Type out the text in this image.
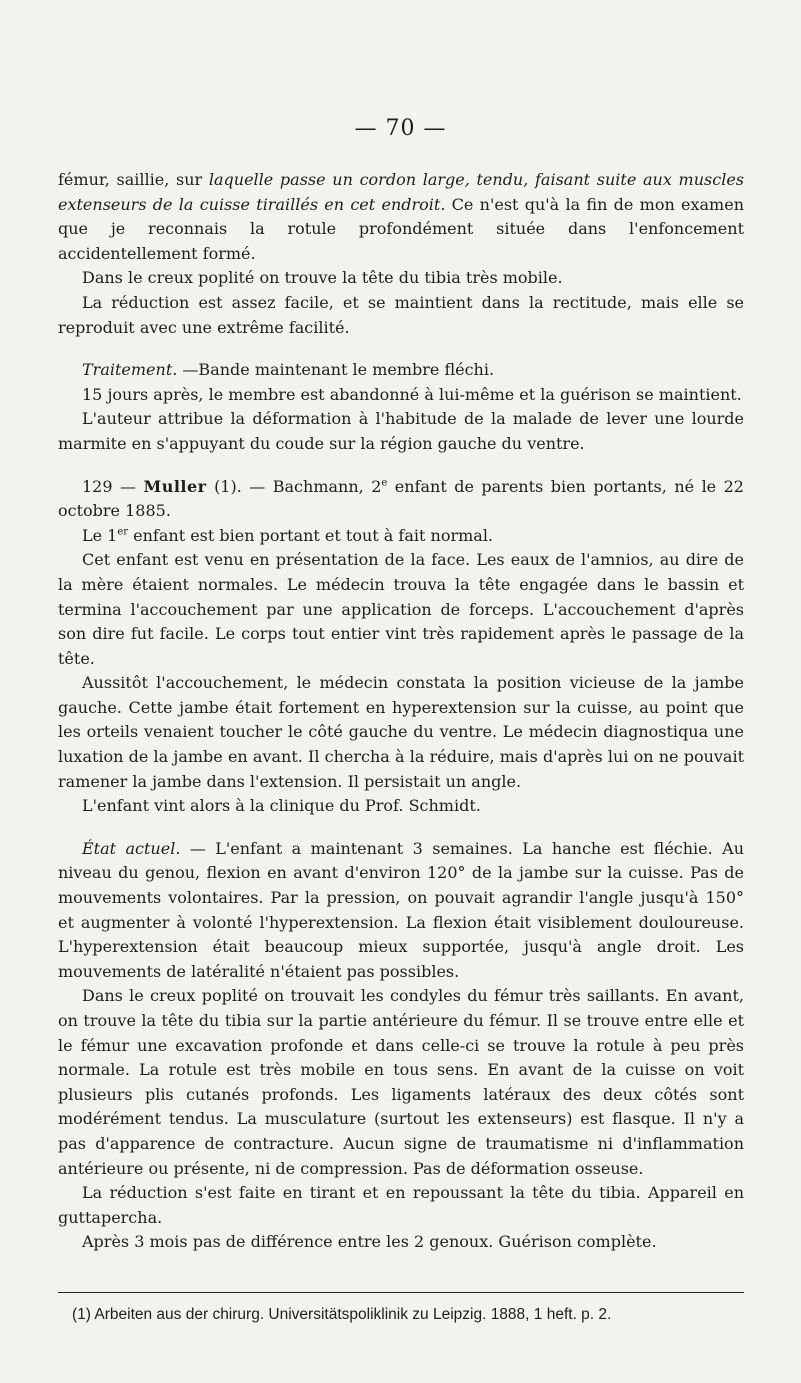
— 70 —

fémur, saillie, sur laquelle passe un cordon large, tendu, faisant suite aux muscles extenseurs de la cuisse tiraillés en cet endroit. Ce n'est qu'à la fin de mon examen que je reconnais la rotule profondément située dans l'enfoncement accidentellement formé.

Dans le creux poplité on trouve la tête du tibia très mobile.

La réduction est assez facile, et se maintient dans la rectitude, mais elle se reproduit avec une extrême facilité.

Traitement. —Bande maintenant le membre fléchi.

15 jours après, le membre est abandonné à lui-même et la guérison se maintient.

L'auteur attribue la déformation à l'habitude de la malade de lever une lourde marmite en s'appuyant du coude sur la région gauche du ventre.

129 — Muller (1). — Bachmann, 2e enfant de parents bien portants, né le 22 octobre 1885.

Le 1er enfant est bien portant et tout à fait normal.

Cet enfant est venu en présentation de la face. Les eaux de l'amnios, au dire de la mère étaient normales. Le médecin trouva la tête engagée dans le bassin et termina l'accouchement par une application de forceps. L'accouchement d'après son dire fut facile. Le corps tout entier vint très rapidement après le passage de la tête.

Aussitôt l'accouchement, le médecin constata la position vicieuse de la jambe gauche. Cette jambe était fortement en hyperextension sur la cuisse, au point que les orteils venaient toucher le côté gauche du ventre. Le médecin diagnostiqua une luxation de la jambe en avant. Il chercha à la réduire, mais d'après lui on ne pouvait ramener la jambe dans l'extension. Il persistait un angle.

L'enfant vint alors à la clinique du Prof. Schmidt.

État actuel. — L'enfant a maintenant 3 semaines. La hanche est fléchie. Au niveau du genou, flexion en avant d'environ 120° de la jambe sur la cuisse. Pas de mouvements volontaires. Par la pression, on pouvait agrandir l'angle jusqu'à 150° et augmenter à volonté l'hyperextension. La flexion était visiblement douloureuse. L'hyperextension était beaucoup mieux supportée, jusqu'à angle droit. Les mouvements de latéralité n'étaient pas possibles.

Dans le creux poplité on trouvait les condyles du fémur très saillants. En avant, on trouve la tête du tibia sur la partie antérieure du fémur. Il se trouve entre elle et le fémur une excavation profonde et dans celle-ci se trouve la rotule à peu près normale. La rotule est très mobile en tous sens. En avant de la cuisse on voit plusieurs plis cutanés profonds. Les ligaments latéraux des deux côtés sont modérément tendus. La musculature (surtout les extenseurs) est flasque. Il n'y a pas d'apparence de contracture. Aucun signe de traumatisme ni d'inflammation antérieure ou présente, ni de compression. Pas de déformation osseuse.

La réduction s'est faite en tirant et en repoussant la tête du tibia. Appareil en guttapercha.

Après 3 mois pas de différence entre les 2 genoux. Guérison complète.

(1) Arbeiten aus der chirurg. Universitätspoliklinik zu Leipzig. 1888, 1 heft. p. 2.
